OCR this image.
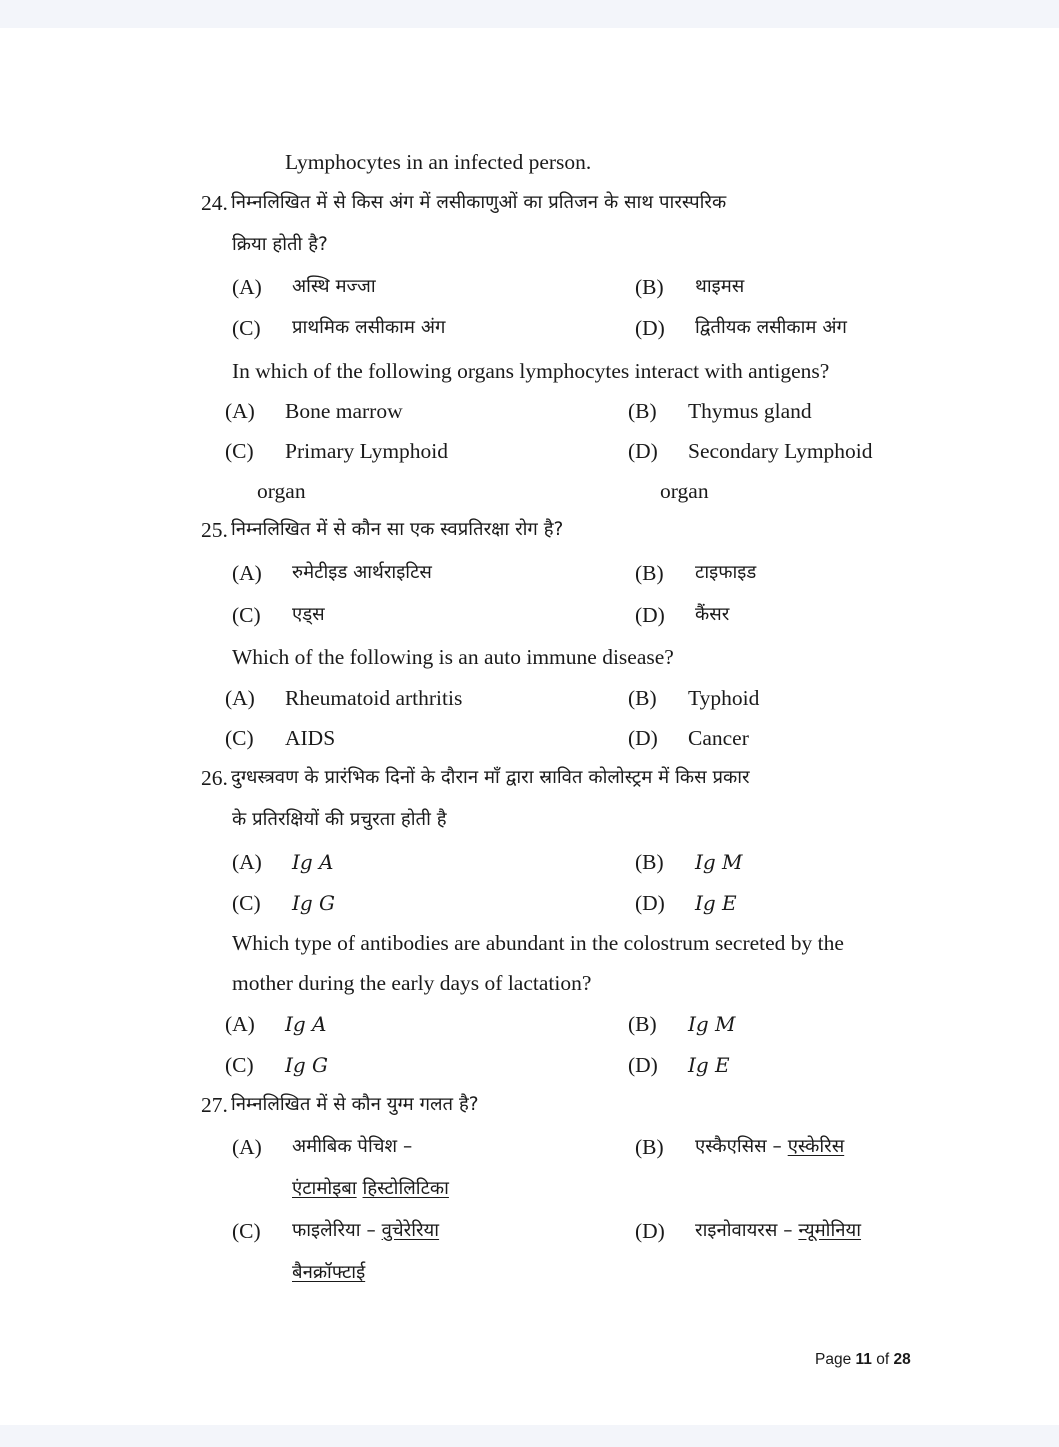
Lymphocytes in an infected person.
24. निम्नलिखित में से किस अंग में लसीकाणुओं का प्रतिजन के साथ पारस्परिक
क्रिया होती है?
(A) अस्थि मज्जा	(B) थाइमस
(C) प्राथमिक लसीकाम अंग	(D) द्वितीयक लसीकाम अंग
In which of the following organs lymphocytes interact with antigens?
(A) Bone marrow	(B) Thymus gland
(C) Primary Lymphoid	(D) Secondary Lymphoid
organ	organ
25. निम्नलिखित में से कौन सा एक स्वप्रतिरक्षा रोग है?
(A) रुमेटीइड आर्थराइटिस	(B) टाइफाइड
(C) एड्स	(D) कैंसर
Which of the following is an auto immune disease?
(A) Rheumatoid arthritis	(B) Typhoid
(C) AIDS	(D) Cancer
26. दुग्धस्त्रवण के प्रारंभिक दिनों के दौरान माँ द्वारा स्रावित कोलोस्ट्रम में किस प्रकार
के प्रतिरक्षियों की प्रचुरता होती है
(A) Ig A	(B) Ig M
(C) Ig G	(D) Ig E
Which type of antibodies are abundant in the colostrum secreted by the
mother during the early days of lactation?
(A) Ig A	(B) Ig M
(C) Ig G	(D) Ig E
27. निम्नलिखित में से कौन युग्म गलत है?
(A) अमीबिक पेचिश –
एंटामोइबा हिस्टोलिटिका
(B) एस्कैएसिस – एस्केरिस
(C) फाइलेरिया – वुचेरेरिया
बैनक्रॉफ्टाई
(D) राइनोवायरस – न्यूमोनिया
Page 11 of 28
